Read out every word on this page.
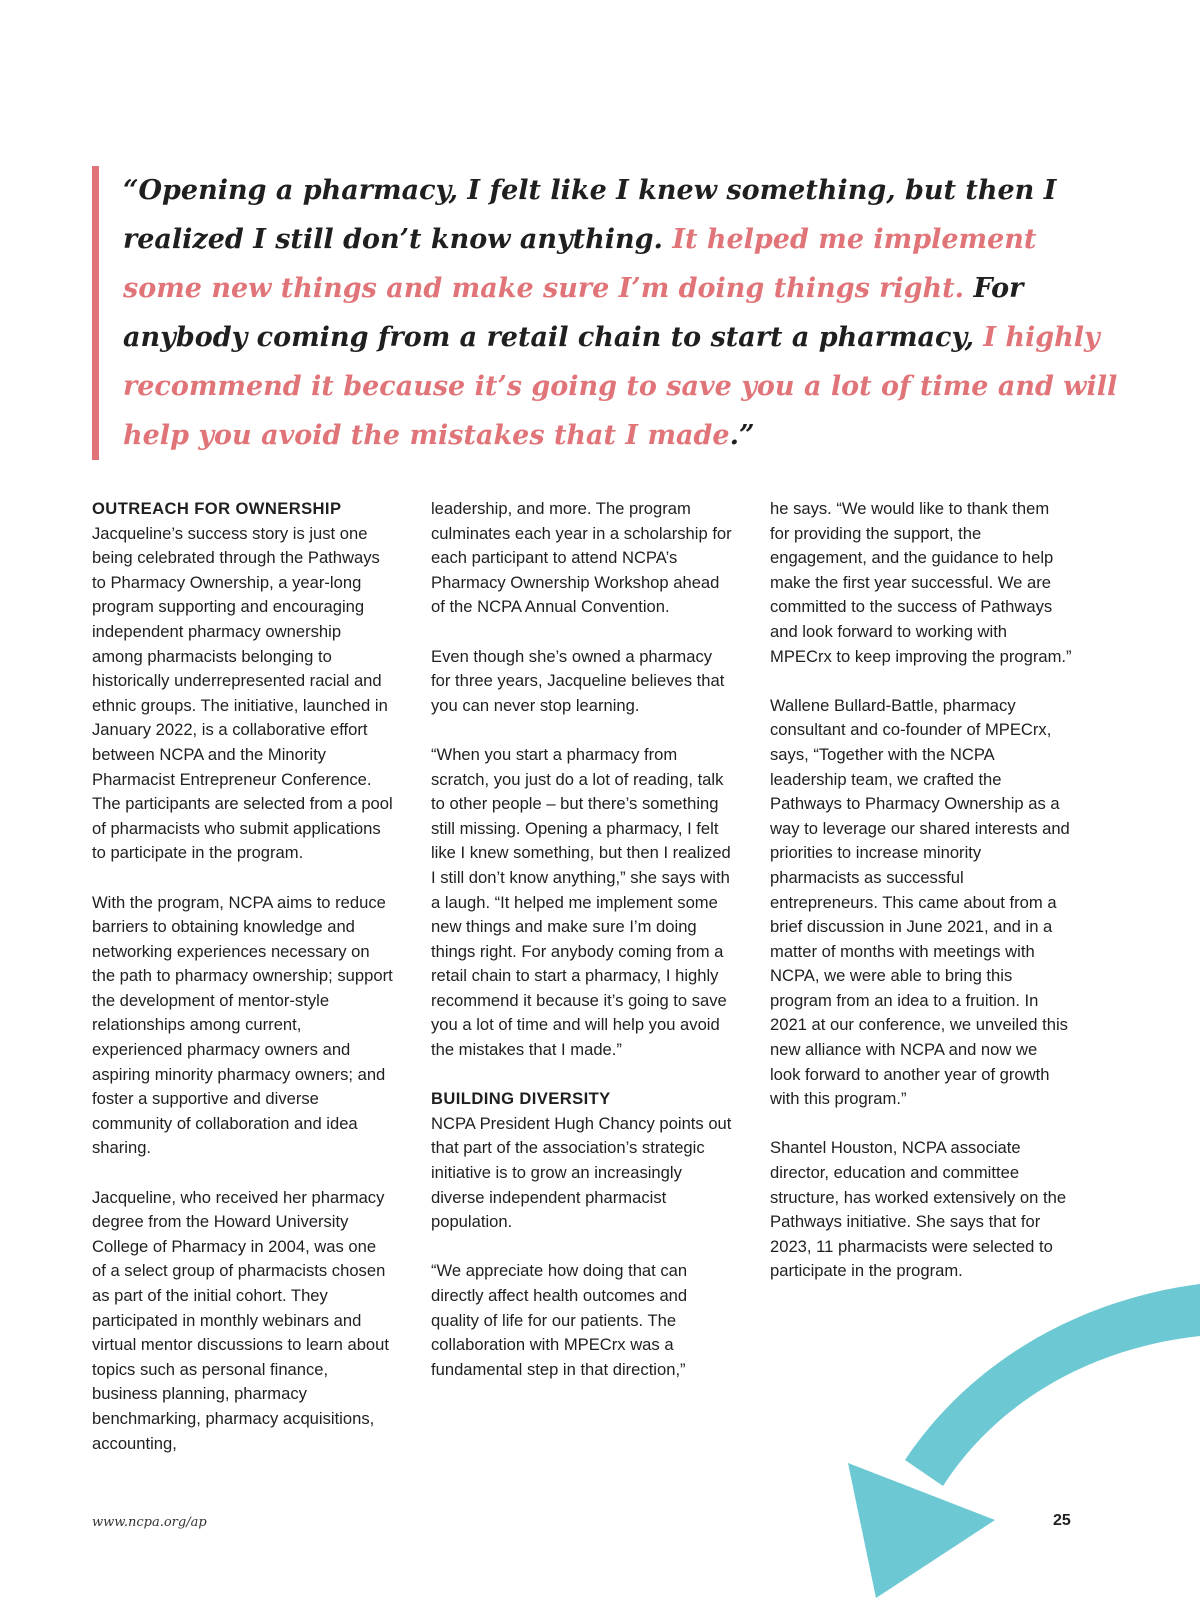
“Opening a pharmacy, I felt like I knew something, but then I realized I still don’t know anything. It helped me implement some new things and make sure I’m doing things right. For anybody coming from a retail chain to start a pharmacy, I highly recommend it because it’s going to save you a lot of time and will help you avoid the mistakes that I made.”
OUTREACH FOR OWNERSHIP

Jacqueline’s success story is just one being celebrated through the Pathways to Pharmacy Ownership, a year-long program supporting and encouraging independent pharmacy ownership among pharmacists belonging to historically underrepresented racial and ethnic groups. The initiative, launched in January 2022, is a collaborative effort between NCPA and the Minority Pharmacist Entrepreneur Conference. The participants are selected from a pool of pharmacists who submit applications to participate in the program.

With the program, NCPA aims to reduce barriers to obtaining knowledge and networking experiences necessary on the path to pharmacy ownership; support the development of mentor-style relationships among current, experienced pharmacy owners and aspiring minority pharmacy owners; and foster a supportive and diverse community of collaboration and idea sharing.

Jacqueline, who received her pharmacy degree from the Howard University College of Pharmacy in 2004, was one of a select group of pharmacists chosen as part of the initial cohort. They participated in monthly webinars and virtual mentor discussions to learn about topics such as personal finance, business planning, pharmacy benchmarking, pharmacy acquisitions, accounting,

leadership, and more. The program culminates each year in a scholarship for each participant to attend NCPA’s Pharmacy Ownership Workshop ahead of the NCPA Annual Convention.

Even though she’s owned a pharmacy for three years, Jacqueline believes that you can never stop learning.

“When you start a pharmacy from scratch, you just do a lot of reading, talk to other people – but there’s something still missing. Opening a pharmacy, I felt like I knew something, but then I realized I still don’t know anything,” she says with a laugh. “It helped me implement some new things and make sure I’m doing things right. For anybody coming from a retail chain to start a pharmacy, I highly recommend it because it’s going to save you a lot of time and will help you avoid the mistakes that I made.”

BUILDING DIVERSITY

NCPA President Hugh Chancy points out that part of the association’s strategic initiative is to grow an increasingly diverse independent pharmacist population.

“We appreciate how doing that can directly affect health outcomes and quality of life for our patients. The collaboration with MPECrx was a fundamental step in that direction,”

he says. “We would like to thank them for providing the support, the engagement, and the guidance to help make the first year successful. We are committed to the success of Pathways and look forward to working with MPECrx to keep improving the program.”

Wallene Bullard-Battle, pharmacy consultant and co-founder of MPECrx, says, “Together with the NCPA leadership team, we crafted the Pathways to Pharmacy Ownership as a way to leverage our shared interests and priorities to increase minority pharmacists as successful entrepreneurs. This came about from a brief discussion in June 2021, and in a matter of months with meetings with NCPA, we were able to bring this program from an idea to a fruition. In 2021 at our conference, we unveiled this new alliance with NCPA and now we look forward to another year of growth with this program.”

Shantel Houston, NCPA associate director, education and committee structure, has worked extensively on the Pathways initiative. She says that for 2023, 11 pharmacists were selected to participate in the program.

www.ncpa.org/ap	25
